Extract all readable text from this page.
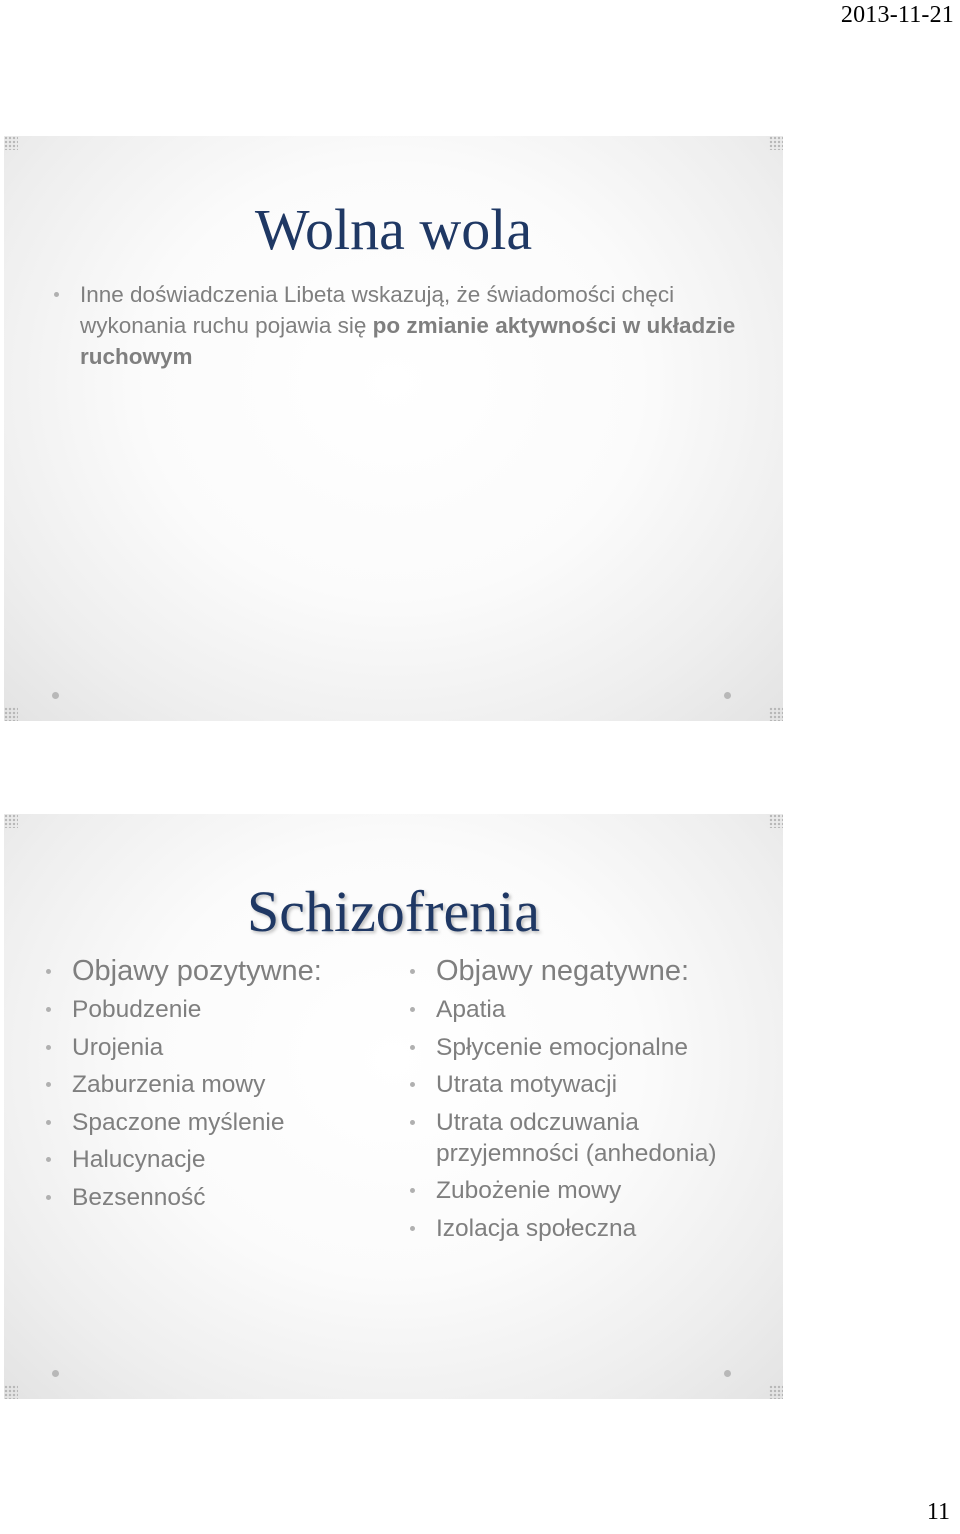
2013-11-21
Wolna wola
Inne doświadczenia Libeta wskazują, że świadomości chęci wykonania ruchu pojawia się po zmianie aktywności w układzie ruchowym
Schizofrenia
Objawy pozytywne:
Pobudzenie
Urojenia
Zaburzenia mowy
Spaczone myślenie
Halucynacje
Bezsenność
Objawy negatywne:
Apatia
Spłycenie emocjonalne
Utrata motywacji
Utrata odczuwania przyjemności (anhedonia)
Zubożenie mowy
Izolacja społeczna
11
